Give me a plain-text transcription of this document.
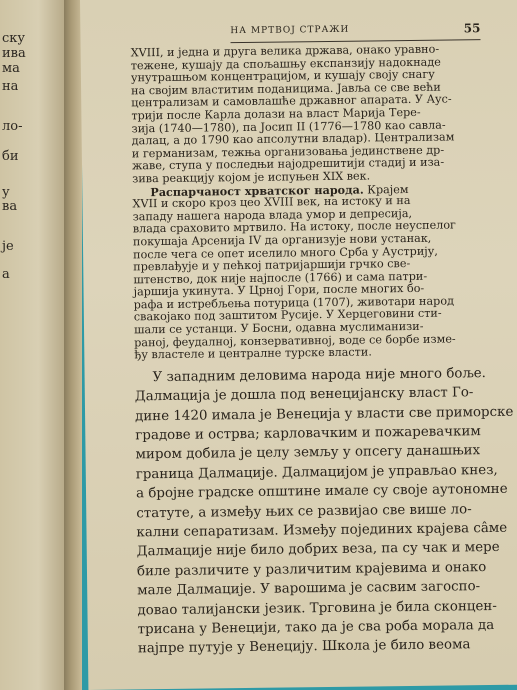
ску
ива
ма
на
ло-
би
у
ва
је
а
НА МРТВОЈ СТРАЖИ	55
XVIII, и једна и друга велика држава, онако уравно-
тежене, кушају да спољашњу експанзију надокнаде
унутрашњом концентрацијом, и кушају своју снагу
на својим властитим поданицима. Јавља се све већи
централизам и самовлашће државног апарата. У Аус-
трији после Карла долази на власт Марија Тере-
зија (1740—1780), па Јосип II (1776—1780 као савла-
далац, а до 1790 као апсолутни владар). Централизам
и германизам, тежња организовања јединствене др-
жаве, ступа у последњи најодрешитији стадиј и иза-
зива реакцију којом је испуњен XIX век.
Распарчаност хрватског народа. Крајем
XVII и скоро кроз цео XVIII век, на истоку и на
западу нашега народа влада умор и депресија,
влада сраховито мртвило. На истоку, после неуспелог
покушаја Арсенија IV да организује нови устанак,
после чега се опет иселило много Срба у Аустрију,
превлађује и у пећкој патријаршији грчко све-
штенство, док није најпосле (1766) и сама патри-
јаршија укинута. У Црној Гори, после многих бо-
рафа и истребљења потурица (1707), животари народ
свакојако под заштитом Русије. У Херцеговини сти-
шали се устанци. У Босни, одавна муслиманизи-
раној, феудалној, конзервативној, воде се борбе изме-
ђу властеле и централне турске власти.
У западним деловима народа није много боље.
Далмација је дошла под венецијанску власт Го-
дине 1420 имала је Венеција у власти све приморске
градове и острва; карловачким и пожаревачким
миром добила је целу земљу у опсегу данашњих
граница Далмације. Далмацијом је управљао кнез,
а бројне градске општине имале су своје аутономне
статуте, а између њих се развијао све више ло-
кални сепаратизам. Између појединих крајева сâме
Далмације није било добрих веза, па су чак и мере
биле различите у различитим крајевима и онако
мале Далмације. У варошима је сасвим загоспо-
довао талијански језик. Трговина је била сконцен-
трисана у Венецији, тако да је сва роба морала да
најпре путује у Венецију. Школа је било веома
